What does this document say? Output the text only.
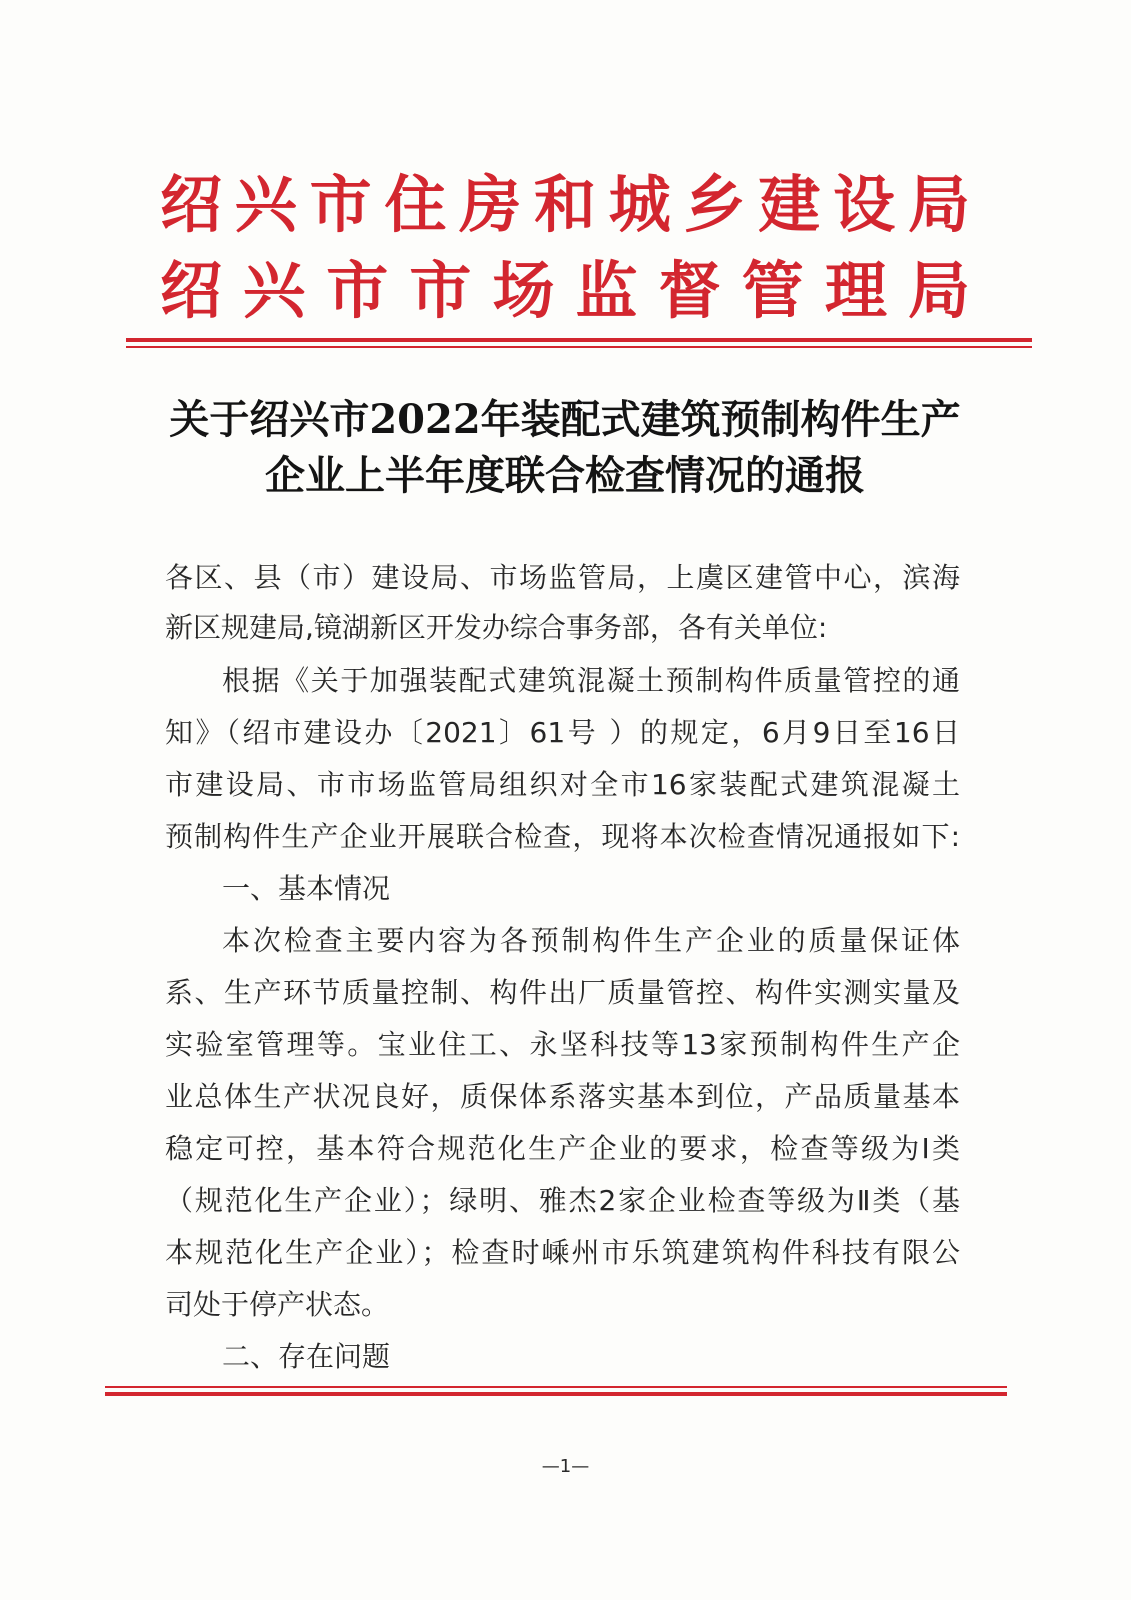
绍兴市住房和城乡建设局
绍兴市市场监督管理局
关于绍兴市2022年装配式建筑预制构件生产
企业上半年度联合检查情况的通报
各区、县（市）建设局、市场监管局，上虞区建管中心，滨海
新区规建局,镜湖新区开发办综合事务部，各有关单位:
根据《关于加强装配式建筑混凝土预制构件质量管控的通
知》（绍市建设办〔2021〕61号 ）的规定，6月9日至16日
市建设局、市市场监管局组织对全市16家装配式建筑混凝土
预制构件生产企业开展联合检查，现将本次检查情况通报如下:
一、基本情况
本次检查主要内容为各预制构件生产企业的质量保证体
系、生产环节质量控制、构件出厂质量管控、构件实测实量及
实验室管理等。宝业住工、永坚科技等13家预制构件生产企
业总体生产状况良好，质保体系落实基本到位，产品质量基本
稳定可控，基本符合规范化生产企业的要求，检查等级为Ⅰ类
（规范化生产企业）；绿明、雅杰2家企业检查等级为Ⅱ类（基
本规范化生产企业）；检查时嵊州市乐筑建筑构件科技有限公
司处于停产状态。
二、存在问题
—1—
